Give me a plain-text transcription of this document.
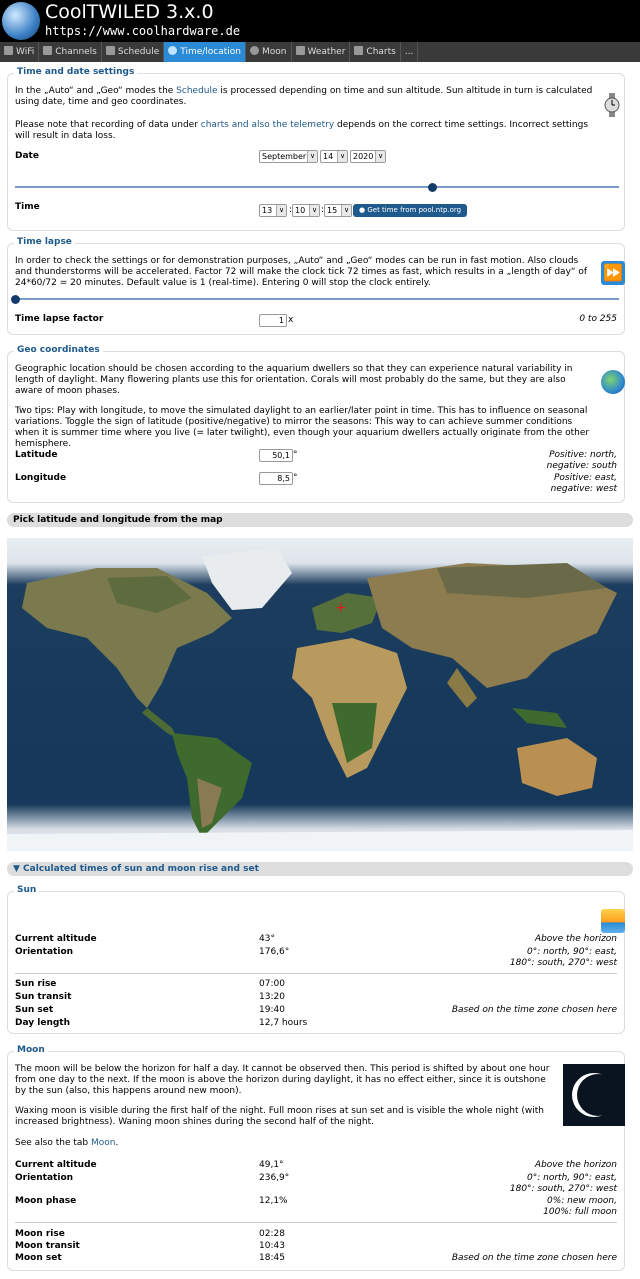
CoolTWILED 3.x.0
https://www.coolhardware.de
WiFi	Channels	Schedule	Time/location	Moon	Weather	Charts	...
Time and date settings
In the „Auto“ and „Geo“ modes the Schedule is processed depending on time and sun altitude. Sun altitude in turn is calculated using date, time and geo coordinates.
Please note that recording of data under charts and also the telemetry depends on the correct time settings. Incorrect settings will result in data loss.
Date	September ∨ 14 ∨ 2020 ∨
Time	13 ∨ : 10 ∨ : 15 ∨	● Get time from pool.ntp.org
Time lapse
In order to check the settings or for demonstration purposes, „Auto“ and „Geo“ modes can be run in fast motion. Also clouds and thunderstorms will be accelerated. Factor 72 will make the clock tick 72 times as fast, which results in a „length of day“ of 24*60/72 = 20 minutes. Default value is 1 (real-time). Entering 0 will stop the clock entirely.
⏩
Time lapse factor	1 x	0 to 255
Geo coordinates
Geographic location should be chosen according to the aquarium dwellers so that they can experience natural variability in length of daylight. Many flowering plants use this for orientation. Corals will most probably do the same, but they are also aware of moon phases.
Two tips: Play with longitude, to move the simulated daylight to an earlier/later point in time. This has to influence on seasonal variations. Toggle the sign of latitude (positive/negative) to mirror the seasons: This way to can achieve summer conditions when it is summer time where you live (= later twilight), even though your aquarium dwellers actually originate from the other hemisphere.
Latitude	50,1 °	Positive: north,
negative: south
Longitude	8,5 °	Positive: east,
negative: west
Pick latitude and longitude from the map
+
▼ Calculated times of sun and moon rise and set
Sun
Current altitude	43°	Above the horizon
Orientation	176,6°	0°: north, 90°: east,
180°: south, 270°: west
Sun rise	07:00
Sun transit	13:20
Sun set	19:40	Based on the time zone chosen here
Day length	12,7 hours
Moon
The moon will be below the horizon for half a day. It cannot be observed then. This period is shifted by about one hour from one day to the next. If the moon is above the horizon during daylight, it has no effect either, since it is outshone by the sun (also, this happens around new moon).
Waxing moon is visible during the first half of the night. Full moon rises at sun set and is visible the whole night (with increased brightness). Waning moon shines during the second half of the night.
See also the tab Moon.
Current altitude	49,1°	Above the horizon
Orientation	236,9°	0°: north, 90°: east,
180°: south, 270°: west
Moon phase	12,1%	0%: new moon,
100%: full moon
Moon rise	02:28
Moon transit	10:43
Moon set	18:45	Based on the time zone chosen here
